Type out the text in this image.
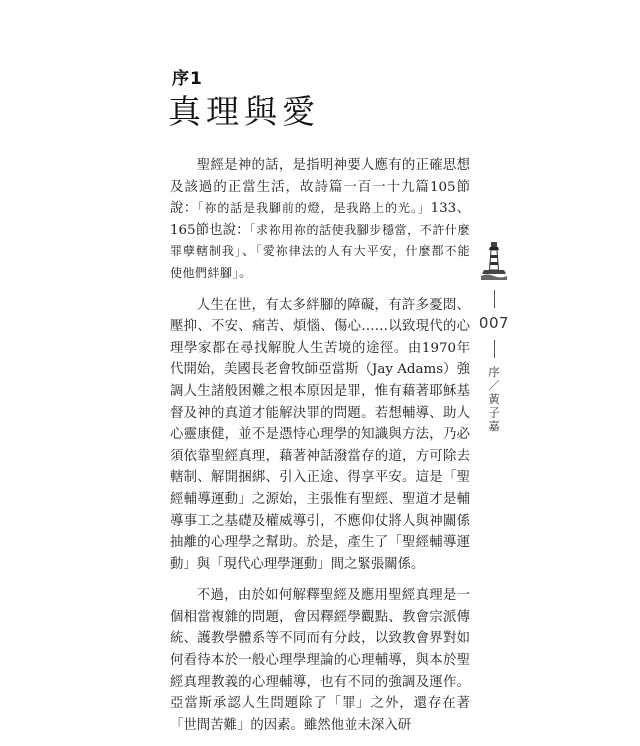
序1
真理與愛

聖經是神的話，是指明神要人應有的正確思想及該過的正當生活，故詩篇一百一十九篇105節說：「祢的話是我腳前的燈，是我路上的光。」133、165節也說：「求祢用祢的話使我腳步穩當，不許什麼罪孽轄制我」、「愛祢律法的人有大平安，什麼都不能使他們絆腳」。

人生在世，有太多絆腳的障礙，有許多憂悶、壓抑、不安、痛苦、煩惱、傷心……以致現代的心理學家都在尋找解脫人生苦境的途徑。由1970年代開始，美國長老會牧師亞當斯（Jay Adams）強調人生諸般困難之根本原因是罪，惟有藉著耶穌基督及神的真道才能解決罪的問題。若想輔導、助人心靈康健，並不是憑恃心理學的知識與方法，乃必須依靠聖經真理，藉著神話潑當存的道，方可除去轄制、解開捆綁、引入正途、得享平安。這是「聖經輔導運動」之源始，主張惟有聖經、聖道才是輔導事工之基礎及權威導引，不應仰仗將人與神關係抽離的心理學之幫助。於是，產生了「聖經輔導運動」與「現代心理學運動」間之緊張關係。

不過，由於如何解釋聖經及應用聖經真理是一個相當複雜的問題，會因釋經學觀點、教會宗派傳統、護教學體系等不同而有分歧，以致教會界對如何看待本於一般心理學理論的心理輔導，與本於聖經真理教義的心理輔導，也有不同的強調及運作。亞當斯承認人生問題除了「罪」之外，還存在著「世間苦難」的因素。雖然他並未深入研

007
序／黃子嘉
